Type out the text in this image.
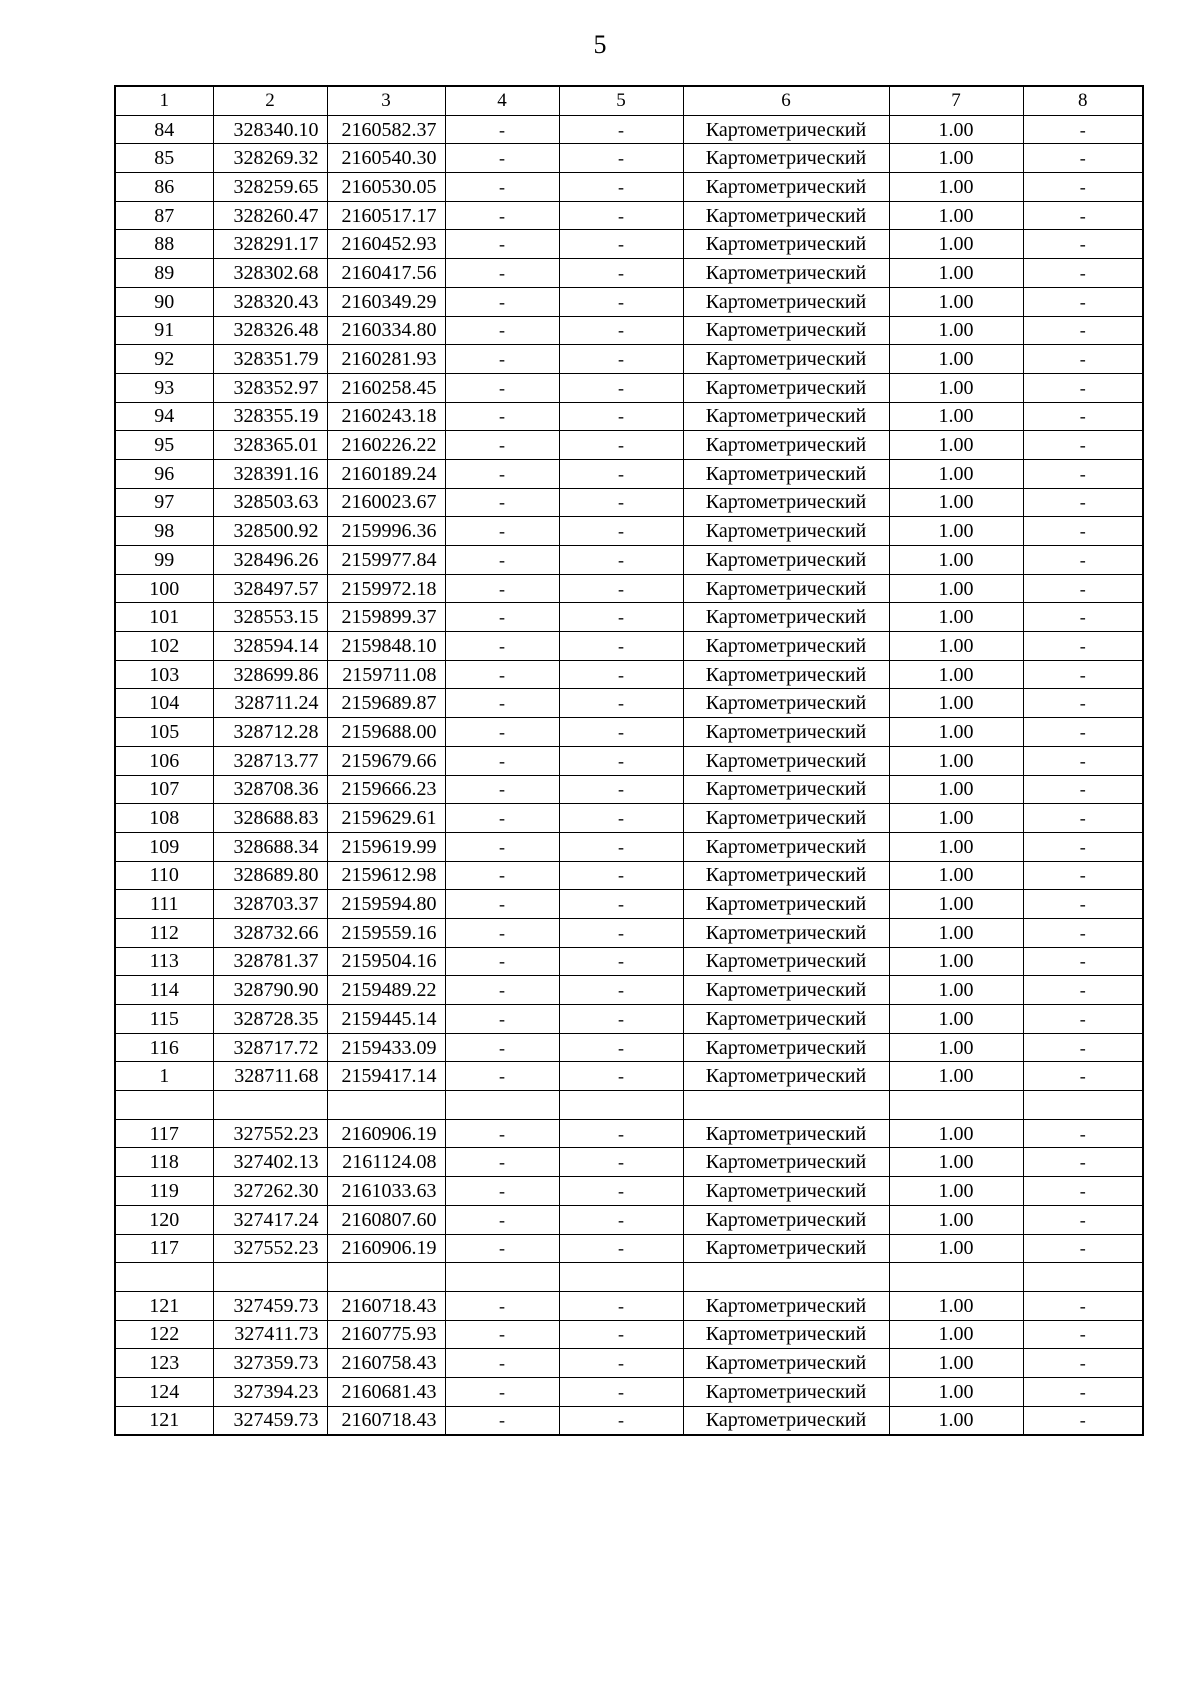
5
1	2	3	4	5	6	7	8
84	328340.10	2160582.37	-	-	Картометрический	1.00	-
85	328269.32	2160540.30	-	-	Картометрический	1.00	-
86	328259.65	2160530.05	-	-	Картометрический	1.00	-
87	328260.47	2160517.17	-	-	Картометрический	1.00	-
88	328291.17	2160452.93	-	-	Картометрический	1.00	-
89	328302.68	2160417.56	-	-	Картометрический	1.00	-
90	328320.43	2160349.29	-	-	Картометрический	1.00	-
91	328326.48	2160334.80	-	-	Картометрический	1.00	-
92	328351.79	2160281.93	-	-	Картометрический	1.00	-
93	328352.97	2160258.45	-	-	Картометрический	1.00	-
94	328355.19	2160243.18	-	-	Картометрический	1.00	-
95	328365.01	2160226.22	-	-	Картометрический	1.00	-
96	328391.16	2160189.24	-	-	Картометрический	1.00	-
97	328503.63	2160023.67	-	-	Картометрический	1.00	-
98	328500.92	2159996.36	-	-	Картометрический	1.00	-
99	328496.26	2159977.84	-	-	Картометрический	1.00	-
100	328497.57	2159972.18	-	-	Картометрический	1.00	-
101	328553.15	2159899.37	-	-	Картометрический	1.00	-
102	328594.14	2159848.10	-	-	Картометрический	1.00	-
103	328699.86	2159711.08	-	-	Картометрический	1.00	-
104	328711.24	2159689.87	-	-	Картометрический	1.00	-
105	328712.28	2159688.00	-	-	Картометрический	1.00	-
106	328713.77	2159679.66	-	-	Картометрический	1.00	-
107	328708.36	2159666.23	-	-	Картометрический	1.00	-
108	328688.83	2159629.61	-	-	Картометрический	1.00	-
109	328688.34	2159619.99	-	-	Картометрический	1.00	-
110	328689.80	2159612.98	-	-	Картометрический	1.00	-
111	328703.37	2159594.80	-	-	Картометрический	1.00	-
112	328732.66	2159559.16	-	-	Картометрический	1.00	-
113	328781.37	2159504.16	-	-	Картометрический	1.00	-
114	328790.90	2159489.22	-	-	Картометрический	1.00	-
115	328728.35	2159445.14	-	-	Картометрический	1.00	-
116	328717.72	2159433.09	-	-	Картометрический	1.00	-
1	328711.68	2159417.14	-	-	Картометрический	1.00	-

117	327552.23	2160906.19	-	-	Картометрический	1.00	-
118	327402.13	2161124.08	-	-	Картометрический	1.00	-
119	327262.30	2161033.63	-	-	Картометрический	1.00	-
120	327417.24	2160807.60	-	-	Картометрический	1.00	-
117	327552.23	2160906.19	-	-	Картометрический	1.00	-

121	327459.73	2160718.43	-	-	Картометрический	1.00	-
122	327411.73	2160775.93	-	-	Картометрический	1.00	-
123	327359.73	2160758.43	-	-	Картометрический	1.00	-
124	327394.23	2160681.43	-	-	Картометрический	1.00	-
121	327459.73	2160718.43	-	-	Картометрический	1.00	-
